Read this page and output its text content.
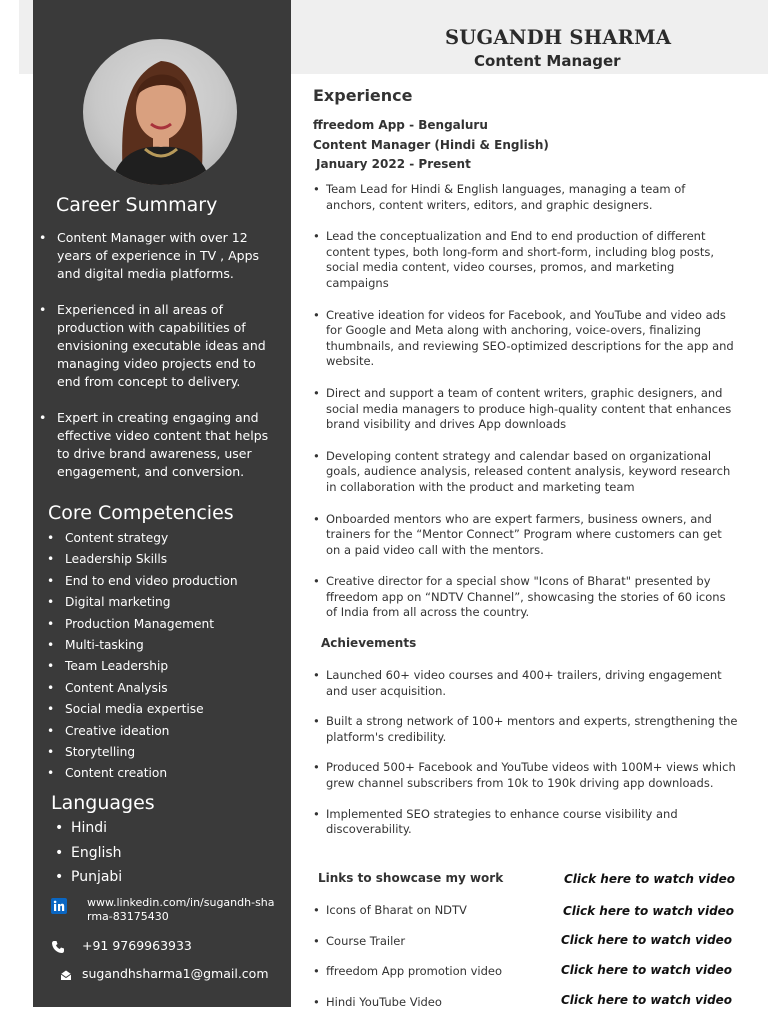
Career Summary
• Content Manager with over 12 years of experience in TV , Apps and digital media platforms.
• Experienced in all areas of production with capabilities of envisioning executable ideas and managing video projects end to end from concept to delivery.
• Expert in creating engaging and effective video content that helps to drive brand awareness, user engagement, and conversion.
Core Competencies
• Content strategy
• Leadership Skills
• End to end video production
• Digital marketing
• Production Management
• Multi-tasking
• Team Leadership
• Content Analysis
• Social media expertise
• Creative ideation
• Storytelling
• Content creation
Languages
• Hindi
• English
• Punjabi
www.linkedin.com/in/sugandh-sharma-83175430
+91 9769963933
sugandhsharma1@gmail.com
SUGANDH SHARMA
Content Manager
Experience
ffreedom App - Bengaluru
Content Manager (Hindi & English)
January 2022 - Present
• Team Lead for Hindi & English languages, managing a team of anchors, content writers, editors, and graphic designers.
• Lead the conceptualization and End to end production of different content types, both long-form and short-form, including blog posts, social media content, video courses, promos, and marketing campaigns
• Creative ideation for videos for Facebook, and YouTube and video ads for Google and Meta along with anchoring, voice-overs, finalizing thumbnails, and reviewing SEO-optimized descriptions for the app and website.
• Direct and support a team of content writers, graphic designers, and social media managers to produce high-quality content that enhances brand visibility and drives App downloads
• Developing content strategy and calendar based on organizational goals, audience analysis, released content analysis, keyword research in collaboration with the product and marketing team
• Onboarded mentors who are expert farmers, business owners, and trainers for the “Mentor Connect” Program where customers can get on a paid video call with the mentors.
• Creative director for a special show "Icons of Bharat" presented by ffreedom app on “NDTV Channel”, showcasing the stories of 60 icons of India from all across the country.
Achievements
• Launched 60+ video courses and 400+ trailers, driving engagement and user acquisition.
• Built a strong network of 100+ mentors and experts, strengthening the platform's credibility.
• Produced 500+ Facebook and YouTube videos with 100M+ views which grew channel subscribers from 10k to 190k driving app downloads.
• Implemented SEO strategies to enhance course visibility and discoverability.
Links to showcase my work	Click here to watch video
• Icons of Bharat on NDTV	Click here to watch video
• Course Trailer	Click here to watch video
• ffreedom App promotion video	Click here to watch video
• Hindi YouTube Video	Click here to watch video
